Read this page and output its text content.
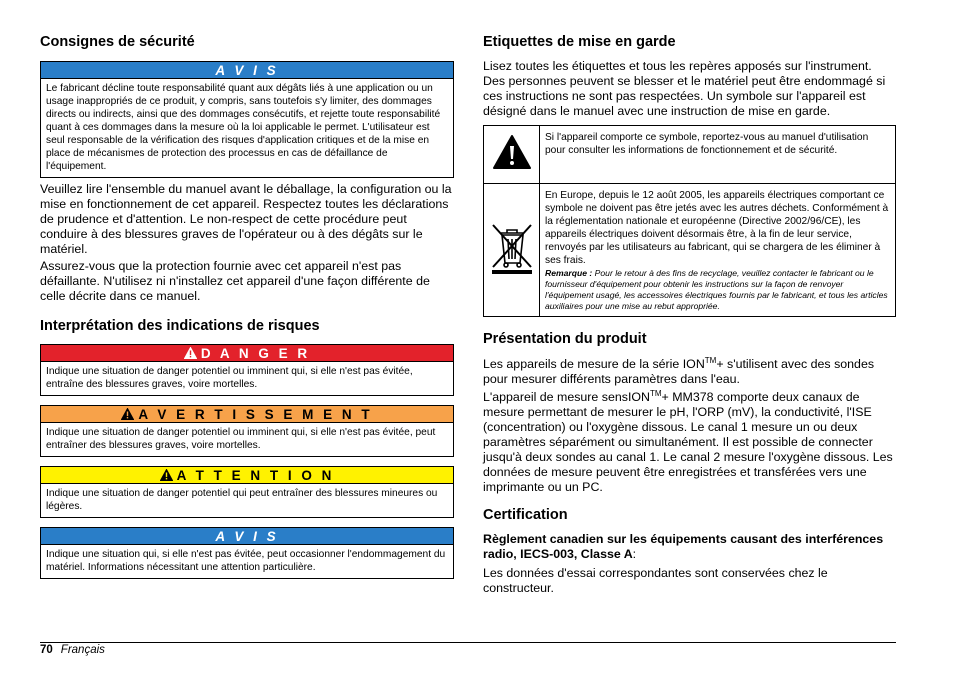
Consignes de sécurité
A V I S
Le fabricant décline toute responsabilité quant aux dégâts liés à une application ou un usage inappropriés de ce produit, y compris, sans toutefois s'y limiter, des dommages directs ou indirects, ainsi que des dommages consécutifs, et rejette toute responsabilité quant à ces dommages dans la mesure où la loi applicable le permet. L'utilisateur est seul responsable de la vérification des risques d'application critiques et de la mise en place de mécanismes de protection des processus en cas de défaillance de l'équipement.

Veuillez lire l'ensemble du manuel avant le déballage, la configuration ou la mise en fonctionnement de cet appareil. Respectez toutes les déclarations de prudence et d'attention. Le non-respect de cette procédure peut conduire à des blessures graves de l'opérateur ou à des dégâts sur le matériel.

Assurez-vous que la protection fournie avec cet appareil n'est pas défaillante. N'utilisez ni n'installez cet appareil d'une façon différente de celle décrite dans ce manuel.

Interprétation des indications de risques
D A N G E R
Indique une situation de danger potentiel ou imminent qui, si elle n'est pas évitée, entraîne des blessures graves, voire mortelles.
A V E R T I S S E M E N T
Indique une situation de danger potentiel ou imminent qui, si elle n'est pas évitée, peut entraîner des blessures graves, voire mortelles.
A T T E N T I O N
Indique une situation de danger potentiel qui peut entraîner des blessures mineures ou légères.
A V I S
Indique une situation qui, si elle n'est pas évitée, peut occasionner l'endommagement du matériel. Informations nécessitant une attention particulière.
Etiquettes de mise en garde

Lisez toutes les étiquettes et tous les repères apposés sur l'instrument. Des personnes peuvent se blesser et le matériel peut être endommagé si ces instructions ne sont pas respectées. Un symbole sur l'appareil est désigné dans le manuel avec une instruction de mise en garde.

	Si l'appareil comporte ce symbole, reportez-vous au manuel d'utilisation pour consulter les informations de fonctionnement et de sécurité.

En Europe, depuis le 12 août 2005, les appareils électriques comportant ce symbole ne doivent pas être jetés avec les autres déchets. Conformément à la réglementation nationale et européenne (Directive 2002/96/CE), les appareils électriques doivent désormais être, à la fin de leur service, renvoyés par les utilisateurs au fabricant, qui se chargera de les éliminer à ses frais.
Remarque : Pour le retour à des fins de recyclage, veuillez contacter le fabricant ou le fournisseur d'équipement pour obtenir les instructions sur la façon de renvoyer l'équipement usagé, les accessoires électriques fournis par le fabricant, et tous les articles auxiliaires pour une mise au rebut appropriée.
Présentation du produit

Les appareils de mesure de la série ION™+ s'utilisent avec des sondes pour mesurer différents paramètres dans l'eau.

L'appareil de mesure sensION™+ MM378 comporte deux canaux de mesure permettant de mesurer le pH, l'ORP (mV), la conductivité, l'ISE (concentration) ou l'oxygène dissous. Le canal 1 mesure un ou deux paramètres séparément ou simultanément. Il est possible de connecter jusqu'à deux sondes au canal 1. Le canal 2 mesure l'oxygène dissous. Les données de mesure peuvent être enregistrées et transférées vers une imprimante ou un PC.

Certification

Règlement canadien sur les équipements causant des interférences radio, IECS-003, Classe A:

Les données d'essai correspondantes sont conservées chez le constructeur.

70 Français
